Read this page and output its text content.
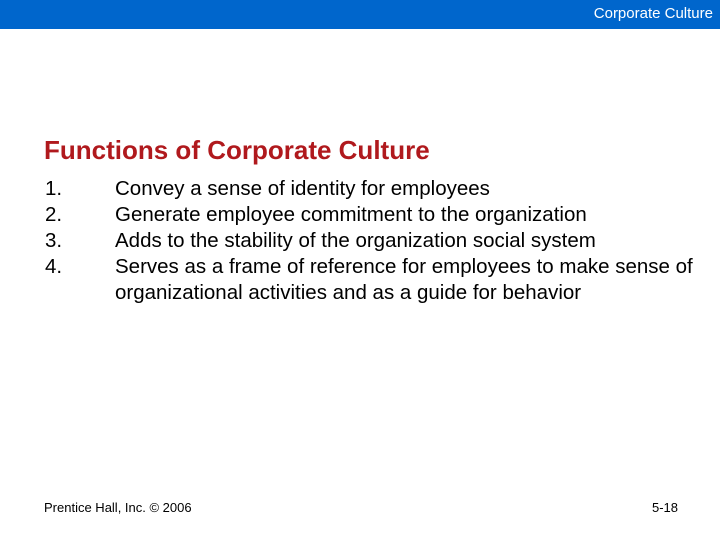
Corporate Culture
Functions of Corporate Culture
1.	Convey a sense of identity for employees
2.	Generate employee commitment to the organization
3.	Adds to the stability of the organization social system
4.	Serves as a frame of reference for employees to make sense of organizational activities and as a guide for behavior
Prentice Hall, Inc. © 2006	5-18
